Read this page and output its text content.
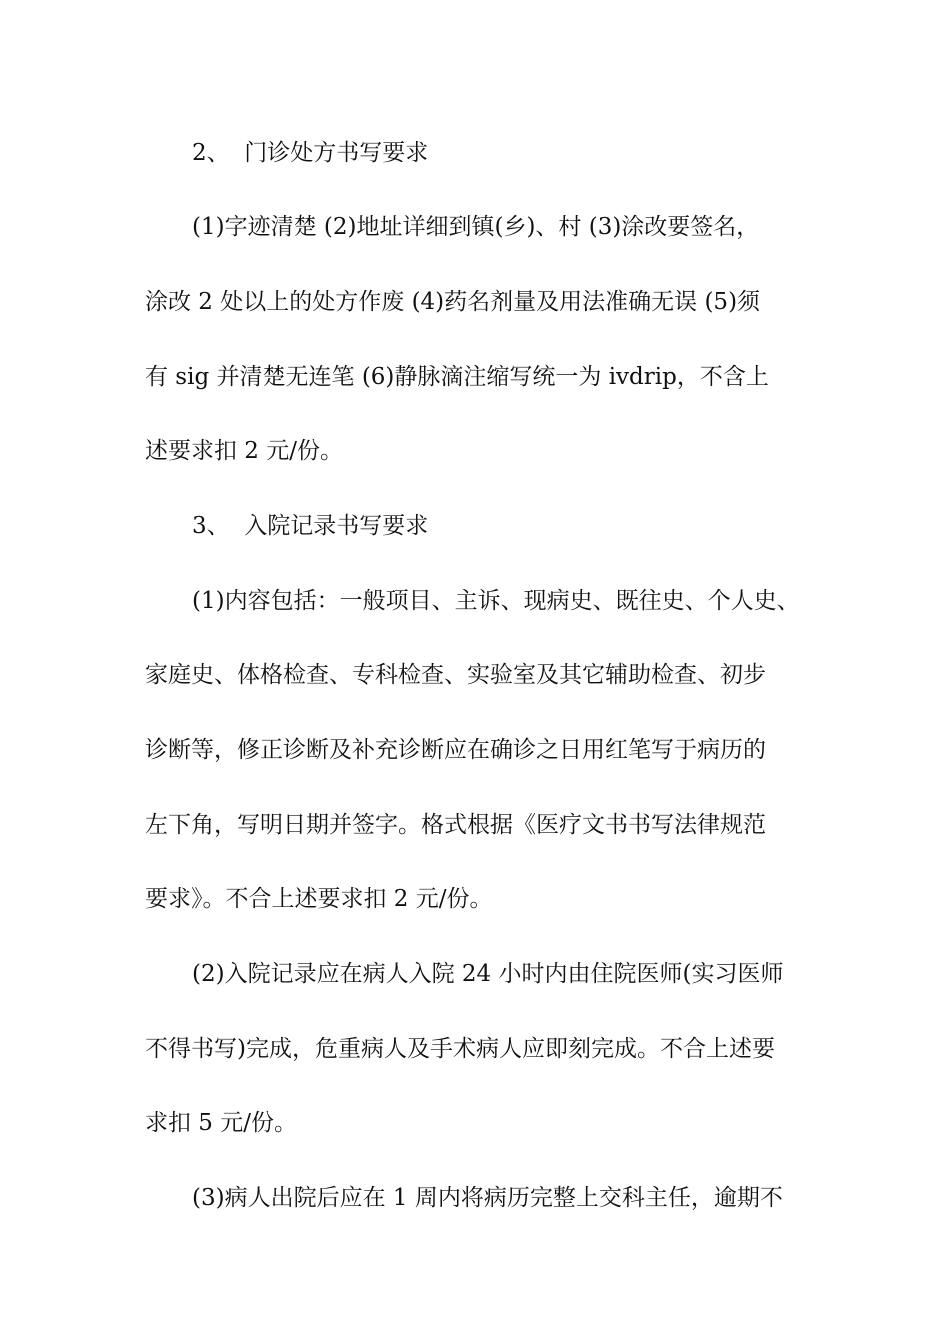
2、  门诊处方书写要求

(1)字迹清楚 (2)地址详细到镇(乡)、村 (3)涂改要签名，

涂改 2 处以上的处方作废 (4)药名剂量及用法准确无误 (5)须

有 sig 并清楚无连笔 (6)静脉滴注缩写统一为 ivdrip，不含上

述要求扣 2 元/份。

3、  入院记录书写要求

(1)内容包括：一般项目、主诉、现病史、既往史、个人史、

家庭史、体格检查、专科检查、实验室及其它辅助检查、初步

诊断等，修正诊断及补充诊断应在确诊之日用红笔写于病历的

左下角，写明日期并签字。格式根据《医疗文书书写法律规范

要求》。不合上述要求扣 2 元/份。

(2)入院记录应在病人入院 24 小时内由住院医师(实习医师

不得书写)完成，危重病人及手术病人应即刻完成。不合上述要

求扣 5 元/份。

(3)病人出院后应在 1 周内将病历完整上交科主任，逾期不
